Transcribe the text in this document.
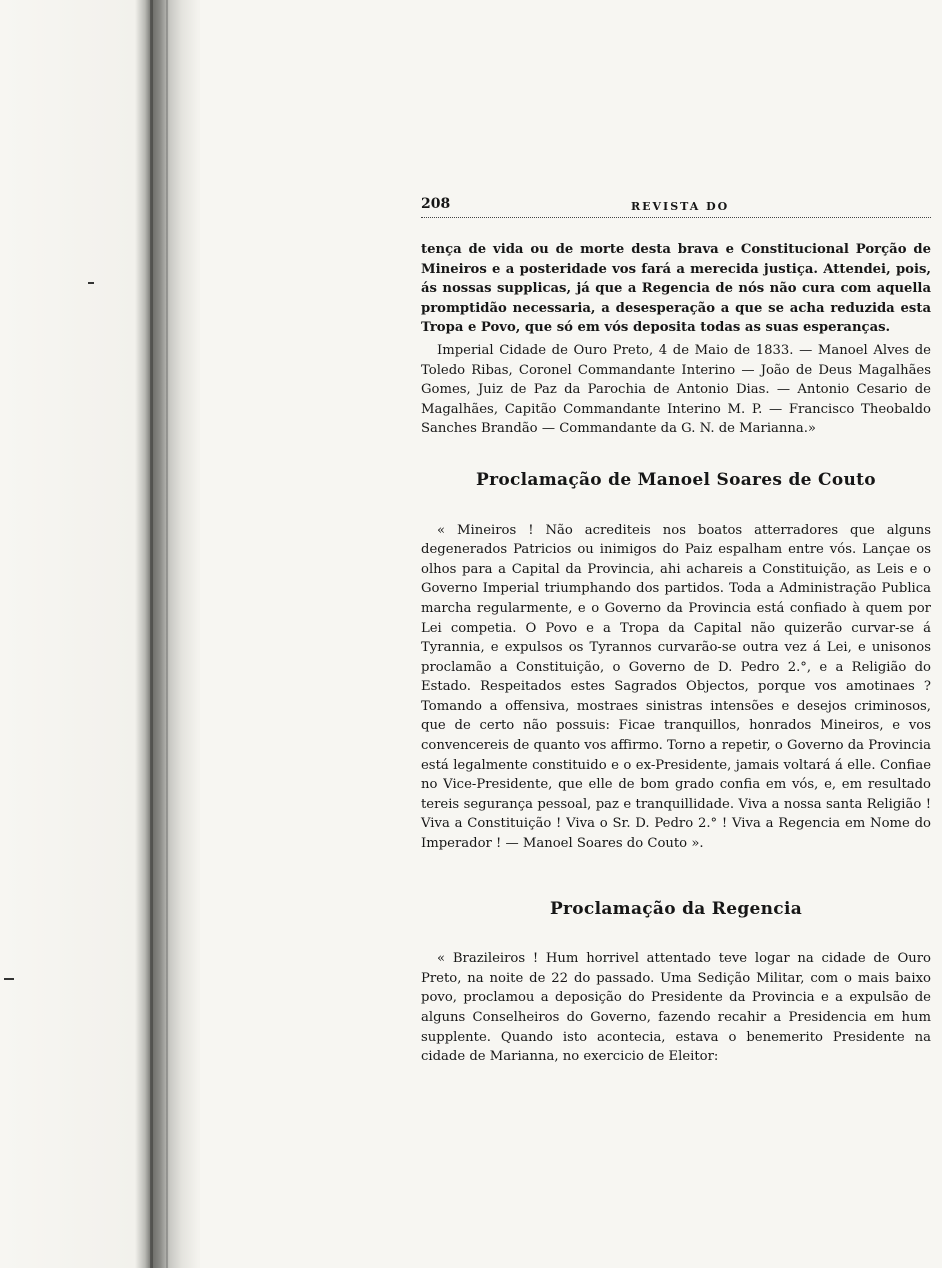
208	REVISTA DO

tença de vida ou de morte desta brava e Constitucional Porção de Mineiros e a posteridade vos fará a merecida justiça. Attendei, pois, ás nossas supplicas, já que a Regencia de nós não cura com aquella promptidão necessaria, a desesperação a que se acha reduzida esta Tropa e Povo, que só em vós deposita todas as suas esperanças.

Imperial Cidade de Ouro Preto, 4 de Maio de 1833. — Manoel Alves de Toledo Ribas, Coronel Commandante Interino — João de Deus Magalhães Gomes, Juiz de Paz da Parochia de Antonio Dias. — Antonio Cesario de Magalhães, Capitão Commandante Interino M. P. — Francisco Theobaldo Sanches Brandão — Commandante da G. N. de Marianna.»

Proclamação de Manoel Soares de Couto

« Mineiros ! Não acrediteis nos boatos atterradores que alguns degenerados Patricios ou inimigos do Paiz espalham entre vós. Lançae os olhos para a Capital da Provincia, ahi achareis a Constituição, as Leis e o Governo Imperial triumphando dos partidos. Toda a Administração Publica marcha regularmente, e o Governo da Provincia está confiado à quem por Lei competia. O Povo e a Tropa da Capital não quizerão curvar-se á Tyrannia, e expulsos os Tyrannos curvarão-se outra vez á Lei, e unisonos proclamão a Constituição, o Governo de D. Pedro 2.°, e a Religião do Estado. Respeitados estes Sagrados Objectos, porque vos amotinaes ? Tomando a offensiva, mostraes sinistras intensões e desejos criminosos, que de certo não possuis: Ficae tranquillos, honrados Mineiros, e vos convencereis de quanto vos affirmo. Torno a repetir, o Governo da Provincia está legalmente constituido e o ex-Presidente, jamais voltará á elle. Confiae no Vice-Presidente, que elle de bom grado confia em vós, e, em resultado tereis segurança pessoal, paz e tranquillidade. Viva a nossa santa Religião ! Viva a Constituição ! Viva o Sr. D. Pedro 2.° ! Viva a Regencia em Nome do Imperador ! — Manoel Soares do Couto ».

Proclamação da Regencia

« Brazileiros ! Hum horrivel attentado teve logar na cidade de Ouro Preto, na noite de 22 do passado. Uma Sedição Militar, com o mais baixo povo, proclamou a deposição do Presidente da Provincia e a expulsão de alguns Conselheiros do Governo, fazendo recahir a Presidencia em hum supplente. Quando isto acontecia, estava o benemerito Presidente na cidade de Marianna, no exercicio de Eleitor:
